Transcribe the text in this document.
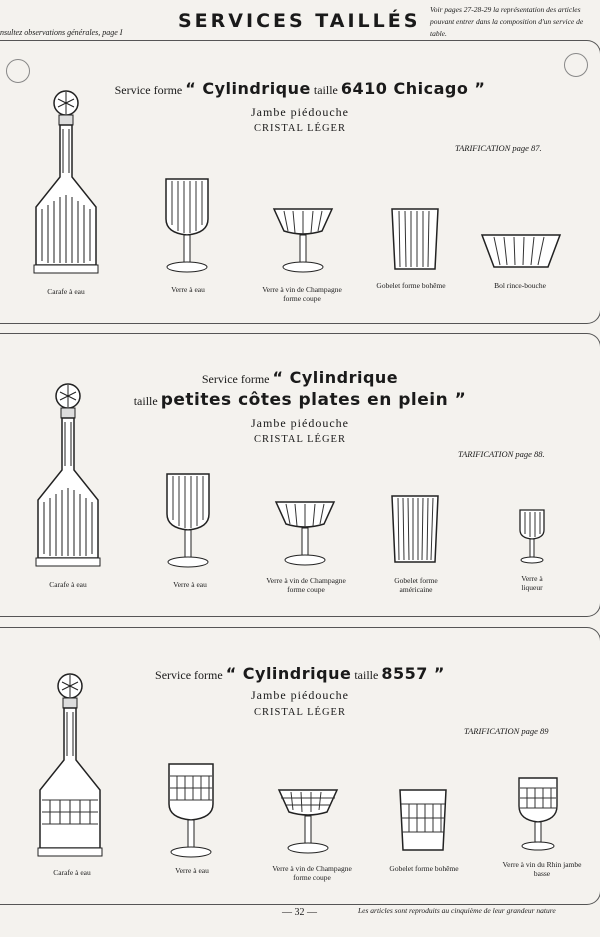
nsultez observations générales, page I
SERVICES TAILLÉS
Voir pages 27-28-29 la représentation des articles pouvant entrer dans la composition d'un service de table.
Service forme “ Cylindrique taille 6410 Chicago ”
Jambe piédouche
CRISTAL LÉGER
TARIFICATION page 87.
Carafe à eau	Verre à eau	Verre à vin de Champagne forme coupe
Gobelet forme bohême	Bol rince-bouche
Service forme “ Cylindrique
taille petites côtes plates en plein ”
Jambe piédouche
CRISTAL LÉGER
TARIFICATION page 88.
Carafe à eau	Verre à eau	Verre à vin de Champagne forme coupe
Gobelet forme américaine
Verre à liqueur
Service forme “ Cylindrique taille 8557 ”
Jambe piédouche
CRISTAL LÉGER
TARIFICATION page 89
Carafe à eau	Verre à eau	Verre à vin de Champagne forme coupe
Gobelet forme bohême	Verre à vin du Rhin jambe basse
— 32 —	Les articles sont reproduits au cinquième de leur grandeur nature
